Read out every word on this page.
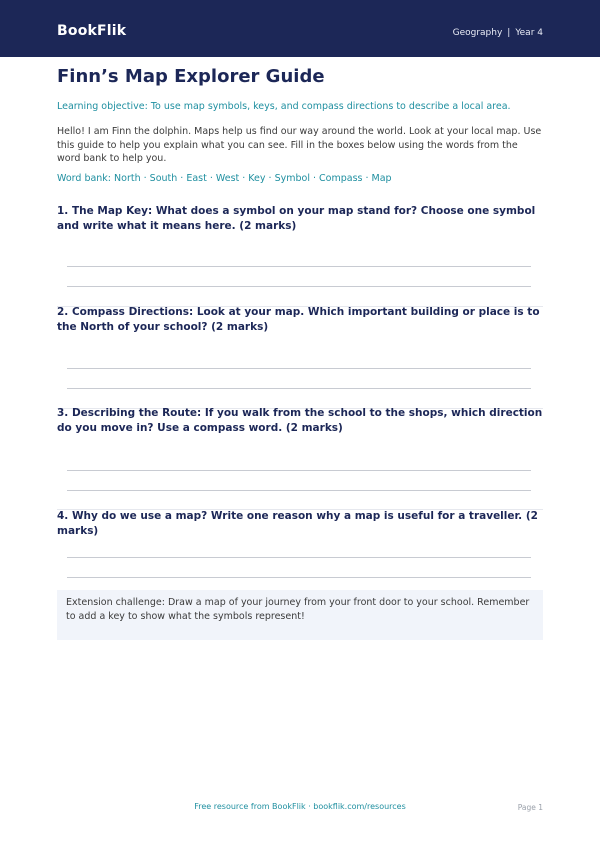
BookFlik	Geography | Year 4
Finn’s Map Explorer Guide
Learning objective: To use map symbols, keys, and compass directions to describe a local area.
Hello! I am Finn the dolphin. Maps help us find our way around the world. Look at your local map. Use this guide to help you explain what you can see. Fill in the boxes below using the words from the word bank to help you.
Word bank: North · South · East · West · Key · Symbol · Compass · Map
1. The Map Key: What does a symbol on your map stand for? Choose one symbol and write what it means here. (2 marks)
2. Compass Directions: Look at your map. Which important building or place is to the North of your school? (2 marks)
3. Describing the Route: If you walk from the school to the shops, which direction do you move in? Use a compass word. (2 marks)
4. Why do we use a map? Write one reason why a map is useful for a traveller. (2 marks)
Extension challenge: Draw a map of your journey from your front door to your school. Remember to add a key to show what the symbols represent!
Free resource from BookFlik · bookflik.com/resources	Page 1
